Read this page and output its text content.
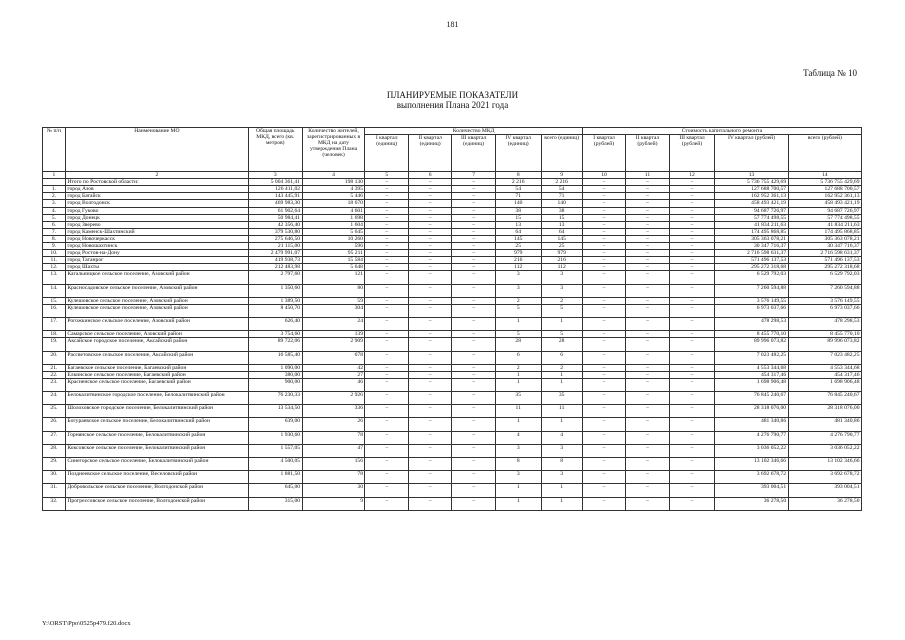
181
Таблица № 10
ПЛАНИРУЕМЫЕ ПОКАЗАТЕЛИ
выполнения Плана 2021 года
№ п/п	Наименование МО	Общая площадь МКД, всего (кв. метров)	Количество жителей, зарегистрированных в МКД на дату утверждения Плана (человек)	Количество МКД					Стоимость капитального ремонта				
				I квартал (единиц)	II квартал (единиц)	III квартал (единиц)	IV квартал (единиц)	всего (единиц)	I квартал (рублей)	II квартал (рублей)	III квартал (рублей)	IV квартал (рублей)	всего (рублей)
1	2	3	4	5	6	7	8	9	10	11	12	13	14
	Итого по Ростовской области:	5 004 361,41	198 130	–	–	–	2 216	2 216	–	–	–	5 736 755 429,69	5 736 755 429,69
1.	город Азов	126 411,02	4 395	–	–	–	54	54	–	–	–	127 688 700,57	127 688 700,57
2.	город Батайск	143 445,91	5 446	–	–	–	71	71	–	–	–	162 952 361,13	162 952 361,13
3.	город Волгодонск	469 983,30	18 670	–	–	–	140	140	–	–	–	458 493 421,19	458 493 421,19
4.	город Гуково	61 902,64	4 601	–	–	–	38	38	–	–	–	94 687 726,97	94 687 726,97
5.	город Донецк	50 984,41	1 698	–	–	–	15	15	–	–	–	57 774 498,55	57 774 498,55
6.	город Зверево	42 356,40	1 604	–	–	–	13	13	–	–	–	41 834 211,63	41 834 211,63
7.	город Каменск-Шахтинский	379 530,80	5 645	–	–	–	64	64	–	–	–	174 495 868,85	174 495 868,85
8.	город Новочеркасск	275 646,50	10 260	–	–	–	145	145	–	–	–	305 363 078,21	305 363 078,21
9.	город Новошахтинск	21 115,00	596	–	–	–	25	25	–	–	–	30 347 716,37	30 347 716,37
10.	город Ростов-на-Дону	2 479 991,07	95 211	–	–	–	979	979	–	–	–	2 716 598 631,37	2 716 598 631,37
11.	город Таганрог	419 938,73	15 584	–	–	–	216	216	–	–	–	571 496 137,53	571 496 137,53
12.	город Шахты	212 483,98	5 648	–	–	–	112	112	–	–	–	295 272 318,68	295 272 318,68
13.	Кагальницкое сельское поселение, Азовский район	2 797,60	121	–	–	–	3	3	–	–	–	6 529 792,03	6 529 792,03
14.	Красносадовское сельское поселение, Азовский район	1 350,60	80	–	–	–	3	3	–	–	–	7 260 594,88	7 260 594,88
15.	Кулешовское сельское поселение, Азовский район	1 389,50	59	–	–	–	2	2	–	–	–	3 576 149,55	3 576 149,55
16.	Кулешовское сельское поселение, Азовский район	8 450,70	304	–	–	–	5	5	–	–	–	6 973 037,66	6 973 037,66
17.	Рогожкинское сельское поселение, Азовский район	626,40	24	–	–	–	1	1	–	–	–	478 298,53	478 298,53
18.	Самарское сельское поселение, Азовский район	3 754,60	139	–	–	–	5	5	–	–	–	8 455 770,10	8 455 770,10
19.	Аксайское городское поселение, Аксайский район	89 722,06	2 909	–	–	–	28	28	–	–	–	89 996 073,82	89 996 073,82
20.	Рассветовское сельское поселение, Аксайский район	16 585,40	678	–	–	–	6	6	–	–	–	7 023 482,25	7 023 482,25
21.	Багаевское сельское поселение, Багаевский район	1 090,00	42	–	–	–	2	2	–	–	–	4 553 344,68	4 553 344,68
22.	Елкинское сельское поселение, Багаевский район	380,00	27	–	–	–	1	1	–	–	–	454 317,46	454 317,46
23.	Красненское сельское поселение, Багаевский район	900,00	46	–	–	–	1	1	–	–	–	1 698 906,48	1 698 906,48
24.	Белокалитвинское городское поселение, Белокалитвинский район	76 230,33	2 926	–	–	–	35	35	–	–	–	76 845 240,67	76 845 240,67
25.	Шолоховское городское поселение, Белокалитвинский район	13 534,50	336	–	–	–	11	11	–	–	–	28 318 076,00	28 318 076,00
26.	Богураевское сельское поселение, Белокалитвинский район	639,00	26	–	–	–	1	1	–	–	–	481 340,86	481 340,86
27.	Горнянское сельское поселение, Белокалитвинский район	1 930,60	78	–	–	–	4	4	–	–	–	4 276 790,77	4 276 790,77
28.	Коксовское сельское поселение, Белокалитвинский район	1 557,05	47	–	–	–	3	3	–	–	–	3 036 052,22	3 036 052,22
29.	Синегорское сельское поселение, Белокалитвинский район	4 500,05	156	–	–	–	8	8	–	–	–	13 102 346,66	13 102 346,66
30.	Позднеевское сельское поселение, Веселовский район	1 881,50	78	–	–	–	3	3	–	–	–	3 692 678,72	3 692 678,72
31.	Добровольское сельское поселение, Волгодонской район	645,00	30	–	–	–	1	1	–	–	–	393 004,51	393 004,51
32.	Прогрессовское сельское поселение, Волгодонской район	315,00	9	–	–	–	1	1	–	–	–	36 278,50	36 278,50
Y:\ORST\Ppo\0525p479.f20.docx
